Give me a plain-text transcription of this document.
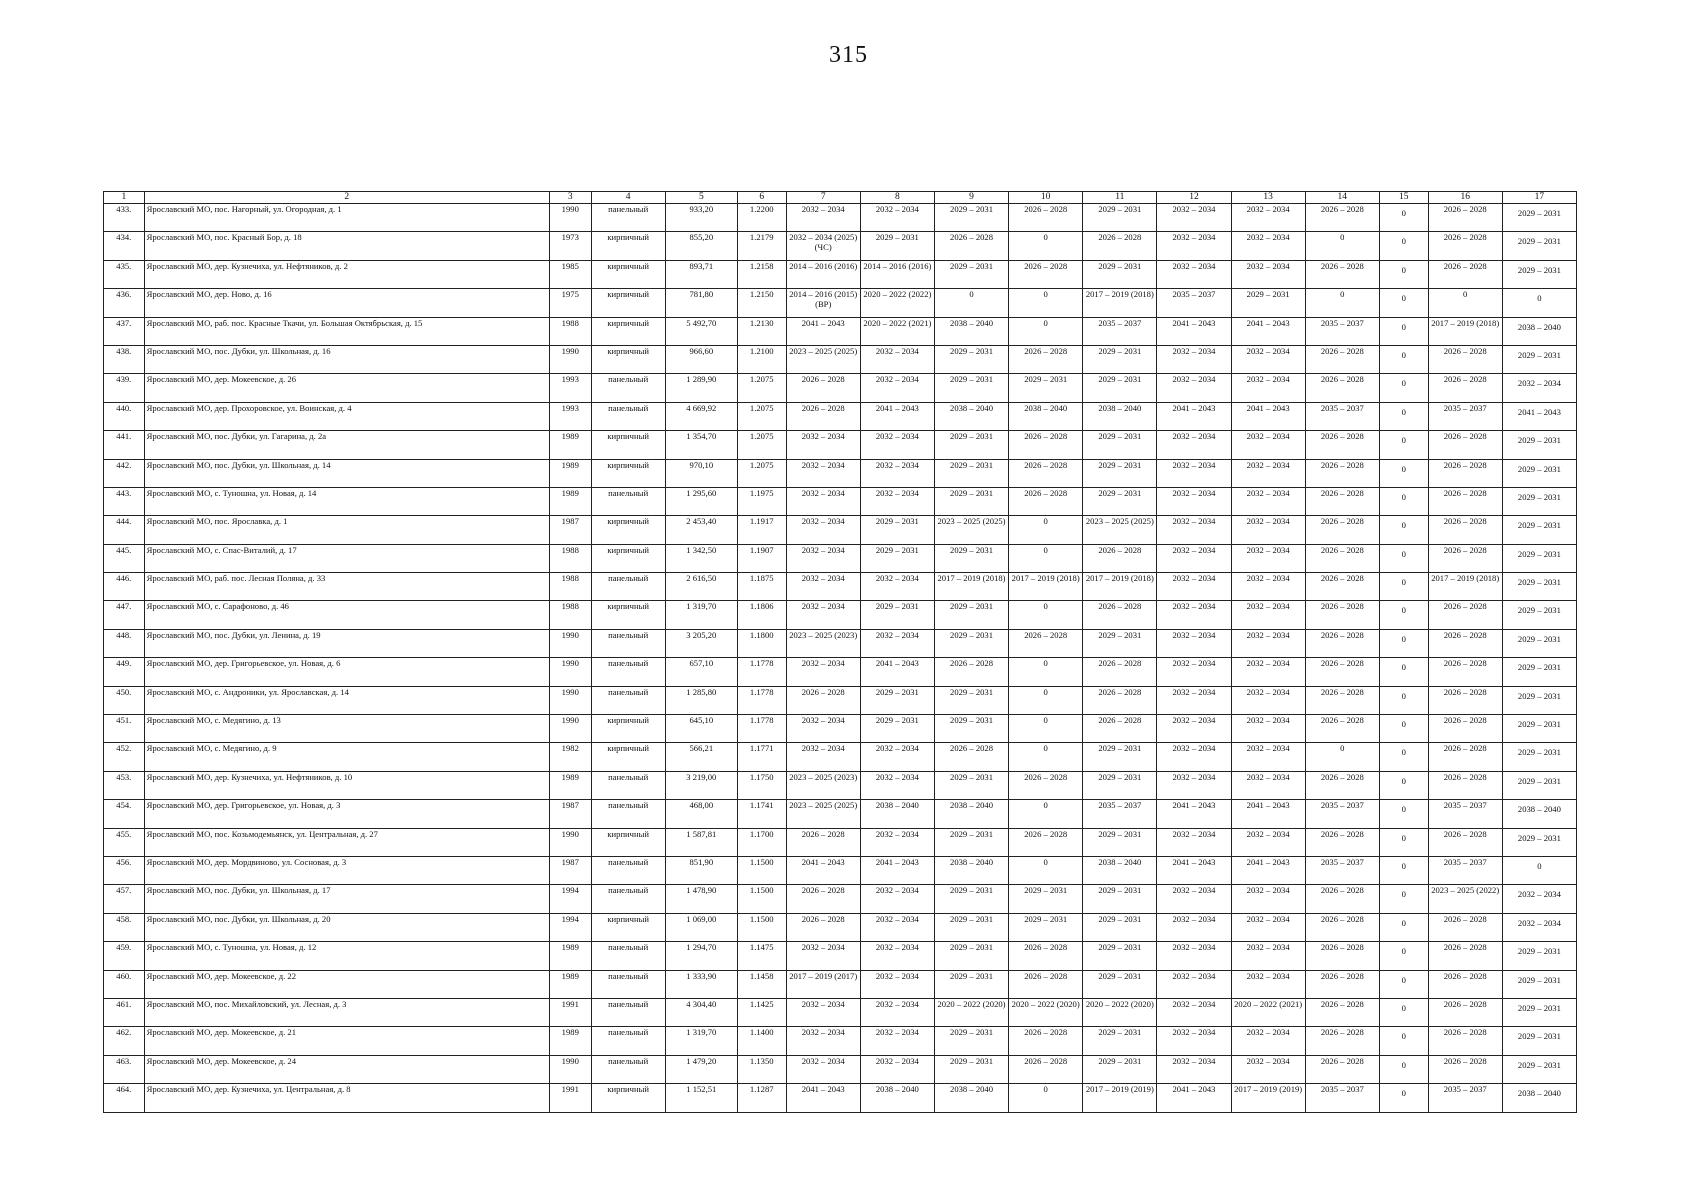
315
1	2	3	4	5	6	7	8	9	10	11	12	13	14	15	16	17
433.	Ярославский МО, пос. Нагорный, ул. Огородная, д. 1	1990	панельный	933,20	1.2200	2032 – 2034	2032 – 2034	2029 – 2031	2026 – 2028	2029 – 2031	2032 – 2034	2032 – 2034	2026 – 2028	0	2026 – 2028	2029 – 2031
434.	Ярославский МО, пос. Красный Бор, д. 18	1973	кирпичный	855,20	1.2179	2032 – 2034 (2025) (ЧС)	2029 – 2031	2026 – 2028	0	2026 – 2028	2032 – 2034	2032 – 2034	0	0	2026 – 2028	2029 – 2031
435.	Ярославский МО, дер. Кузнечиха, ул. Нефтяников, д. 2	1985	кирпичный	893,71	1.2158	2014 – 2016 (2016)	2014 – 2016 (2016)	2029 – 2031	2026 – 2028	2029 – 2031	2032 – 2034	2032 – 2034	2026 – 2028	0	2026 – 2028	2029 – 2031
436.	Ярославский МО, дер. Ново, д. 16	1975	кирпичный	781,80	1.2150	2014 – 2016 (2015) (ВР)	2020 – 2022 (2022)	0	0	2017 – 2019 (2018)	2035 – 2037	2029 – 2031	0	0	0	0
437.	Ярославский МО, раб. пос. Красные Ткачи, ул. Большая Октябрьская, д. 15	1988	кирпичный	5 492,70	1.2130	2041 – 2043	2020 – 2022 (2021)	2038 – 2040	0	2035 – 2037	2041 – 2043	2041 – 2043	2035 – 2037	0	2017 – 2019 (2018)	2038 – 2040
438.	Ярославский МО, пос. Дубки, ул. Школьная, д. 16	1990	кирпичный	966,60	1.2100	2023 – 2025 (2025)	2032 – 2034	2029 – 2031	2026 – 2028	2029 – 2031	2032 – 2034	2032 – 2034	2026 – 2028	0	2026 – 2028	2029 – 2031
439.	Ярославский МО, дер. Мокеевское, д. 26	1993	панельный	1 289,90	1.2075	2026 – 2028	2032 – 2034	2029 – 2031	2029 – 2031	2029 – 2031	2032 – 2034	2032 – 2034	2026 – 2028	0	2026 – 2028	2032 – 2034
440.	Ярославский МО, дер. Прохоровское, ул. Воинская, д. 4	1993	панельный	4 669,92	1.2075	2026 – 2028	2041 – 2043	2038 – 2040	2038 – 2040	2038 – 2040	2041 – 2043	2041 – 2043	2035 – 2037	0	2035 – 2037	2041 – 2043
441.	Ярославский МО, пос. Дубки, ул. Гагарина, д. 2а	1989	кирпичный	1 354,70	1.2075	2032 – 2034	2032 – 2034	2029 – 2031	2026 – 2028	2029 – 2031	2032 – 2034	2032 – 2034	2026 – 2028	0	2026 – 2028	2029 – 2031
442.	Ярославский МО, пос. Дубки, ул. Школьная, д. 14	1989	кирпичный	970,10	1.2075	2032 – 2034	2032 – 2034	2029 – 2031	2026 – 2028	2029 – 2031	2032 – 2034	2032 – 2034	2026 – 2028	0	2026 – 2028	2029 – 2031
443.	Ярославский МО, с. Туношна, ул. Новая, д. 14	1989	панельный	1 295,60	1.1975	2032 – 2034	2032 – 2034	2029 – 2031	2026 – 2028	2029 – 2031	2032 – 2034	2032 – 2034	2026 – 2028	0	2026 – 2028	2029 – 2031
444.	Ярославский МО, пос. Ярославка, д. 1	1987	кирпичный	2 453,40	1.1917	2032 – 2034	2029 – 2031	2023 – 2025 (2025)	0	2023 – 2025 (2025)	2032 – 2034	2032 – 2034	2026 – 2028	0	2026 – 2028	2029 – 2031
445.	Ярославский МО, с. Спас-Виталий, д. 17	1988	кирпичный	1 342,50	1.1907	2032 – 2034	2029 – 2031	2029 – 2031	0	2026 – 2028	2032 – 2034	2032 – 2034	2026 – 2028	0	2026 – 2028	2029 – 2031
446.	Ярославский МО, раб. пос. Лесная Поляна, д. 33	1988	панельный	2 616,50	1.1875	2032 – 2034	2032 – 2034	2017 – 2019 (2018)	2017 – 2019 (2018)	2017 – 2019 (2018)	2032 – 2034	2032 – 2034	2026 – 2028	0	2017 – 2019 (2018)	2029 – 2031
447.	Ярославский МО, с. Сарафоново, д. 46	1988	кирпичный	1 319,70	1.1806	2032 – 2034	2029 – 2031	2029 – 2031	0	2026 – 2028	2032 – 2034	2032 – 2034	2026 – 2028	0	2026 – 2028	2029 – 2031
448.	Ярославский МО, пос. Дубки, ул. Ленина, д. 19	1990	панельный	3 205,20	1.1800	2023 – 2025 (2023)	2032 – 2034	2029 – 2031	2026 – 2028	2029 – 2031	2032 – 2034	2032 – 2034	2026 – 2028	0	2026 – 2028	2029 – 2031
449.	Ярославский МО, дер. Григорьевское, ул. Новая, д. 6	1990	панельный	657,10	1.1778	2032 – 2034	2041 – 2043	2026 – 2028	0	2026 – 2028	2032 – 2034	2032 – 2034	2026 – 2028	0	2026 – 2028	2029 – 2031
450.	Ярославский МО, с. Андроники, ул. Ярославская, д. 14	1990	панельный	1 285,80	1.1778	2026 – 2028	2029 – 2031	2029 – 2031	0	2026 – 2028	2032 – 2034	2032 – 2034	2026 – 2028	0	2026 – 2028	2029 – 2031
451.	Ярославский МО, с. Медягино, д. 13	1990	кирпичный	645,10	1.1778	2032 – 2034	2029 – 2031	2029 – 2031	0	2026 – 2028	2032 – 2034	2032 – 2034	2026 – 2028	0	2026 – 2028	2029 – 2031
452.	Ярославский МО, с. Медягино, д. 9	1982	кирпичный	566,21	1.1771	2032 – 2034	2032 – 2034	2026 – 2028	0	2029 – 2031	2032 – 2034	2032 – 2034	0	0	2026 – 2028	2029 – 2031
453.	Ярославский МО, дер. Кузнечиха, ул. Нефтяников, д. 10	1989	панельный	3 219,00	1.1750	2023 – 2025 (2023)	2032 – 2034	2029 – 2031	2026 – 2028	2029 – 2031	2032 – 2034	2032 – 2034	2026 – 2028	0	2026 – 2028	2029 – 2031
454.	Ярославский МО, дер. Григорьевское, ул. Новая, д. 3	1987	панельный	468,00	1.1741	2023 – 2025 (2025)	2038 – 2040	2038 – 2040	0	2035 – 2037	2041 – 2043	2041 – 2043	2035 – 2037	0	2035 – 2037	2038 – 2040
455.	Ярославский МО, пос. Козьмодемьянск, ул. Центральная, д. 27	1990	кирпичный	1 587,81	1.1700	2026 – 2028	2032 – 2034	2029 – 2031	2026 – 2028	2029 – 2031	2032 – 2034	2032 – 2034	2026 – 2028	0	2026 – 2028	2029 – 2031
456.	Ярославский МО, дер. Мордвиново, ул. Сосновая, д. 3	1987	панельный	851,90	1.1500	2041 – 2043	2041 – 2043	2038 – 2040	0	2038 – 2040	2041 – 2043	2041 – 2043	2035 – 2037	0	2035 – 2037	0
457.	Ярославский МО, пос. Дубки, ул. Школьная, д. 17	1994	панельный	1 478,90	1.1500	2026 – 2028	2032 – 2034	2029 – 2031	2029 – 2031	2029 – 2031	2032 – 2034	2032 – 2034	2026 – 2028	0	2023 – 2025 (2022)	2032 – 2034
458.	Ярославский МО, пос. Дубки, ул. Школьная, д. 20	1994	кирпичный	1 069,00	1.1500	2026 – 2028	2032 – 2034	2029 – 2031	2029 – 2031	2029 – 2031	2032 – 2034	2032 – 2034	2026 – 2028	0	2026 – 2028	2032 – 2034
459.	Ярославский МО, с. Туношна, ул. Новая, д. 12	1989	панельный	1 294,70	1.1475	2032 – 2034	2032 – 2034	2029 – 2031	2026 – 2028	2029 – 2031	2032 – 2034	2032 – 2034	2026 – 2028	0	2026 – 2028	2029 – 2031
460.	Ярославский МО, дер. Мокеевское, д. 22	1989	панельный	1 333,90	1.1458	2017 – 2019 (2017)	2032 – 2034	2029 – 2031	2026 – 2028	2029 – 2031	2032 – 2034	2032 – 2034	2026 – 2028	0	2026 – 2028	2029 – 2031
461.	Ярославский МО, пос. Михайловский, ул. Лесная, д. 3	1991	панельный	4 304,40	1.1425	2032 – 2034	2032 – 2034	2020 – 2022 (2020)	2020 – 2022 (2020)	2020 – 2022 (2020)	2032 – 2034	2020 – 2022 (2021)	2026 – 2028	0	2026 – 2028	2029 – 2031
462.	Ярославский МО, дер. Мокеевское, д. 21	1989	панельный	1 319,70	1.1400	2032 – 2034	2032 – 2034	2029 – 2031	2026 – 2028	2029 – 2031	2032 – 2034	2032 – 2034	2026 – 2028	0	2026 – 2028	2029 – 2031
463.	Ярославский МО, дер. Мокеевское, д. 24	1990	панельный	1 479,20	1.1350	2032 – 2034	2032 – 2034	2029 – 2031	2026 – 2028	2029 – 2031	2032 – 2034	2032 – 2034	2026 – 2028	0	2026 – 2028	2029 – 2031
464.	Ярославский МО, дер. Кузнечиха, ул. Центральная, д. 8	1991	кирпичный	1 152,51	1.1287	2041 – 2043	2038 – 2040	2038 – 2040	0	2017 – 2019 (2019)	2041 – 2043	2017 – 2019 (2019)	2035 – 2037	0	2035 – 2037	2038 – 2040
